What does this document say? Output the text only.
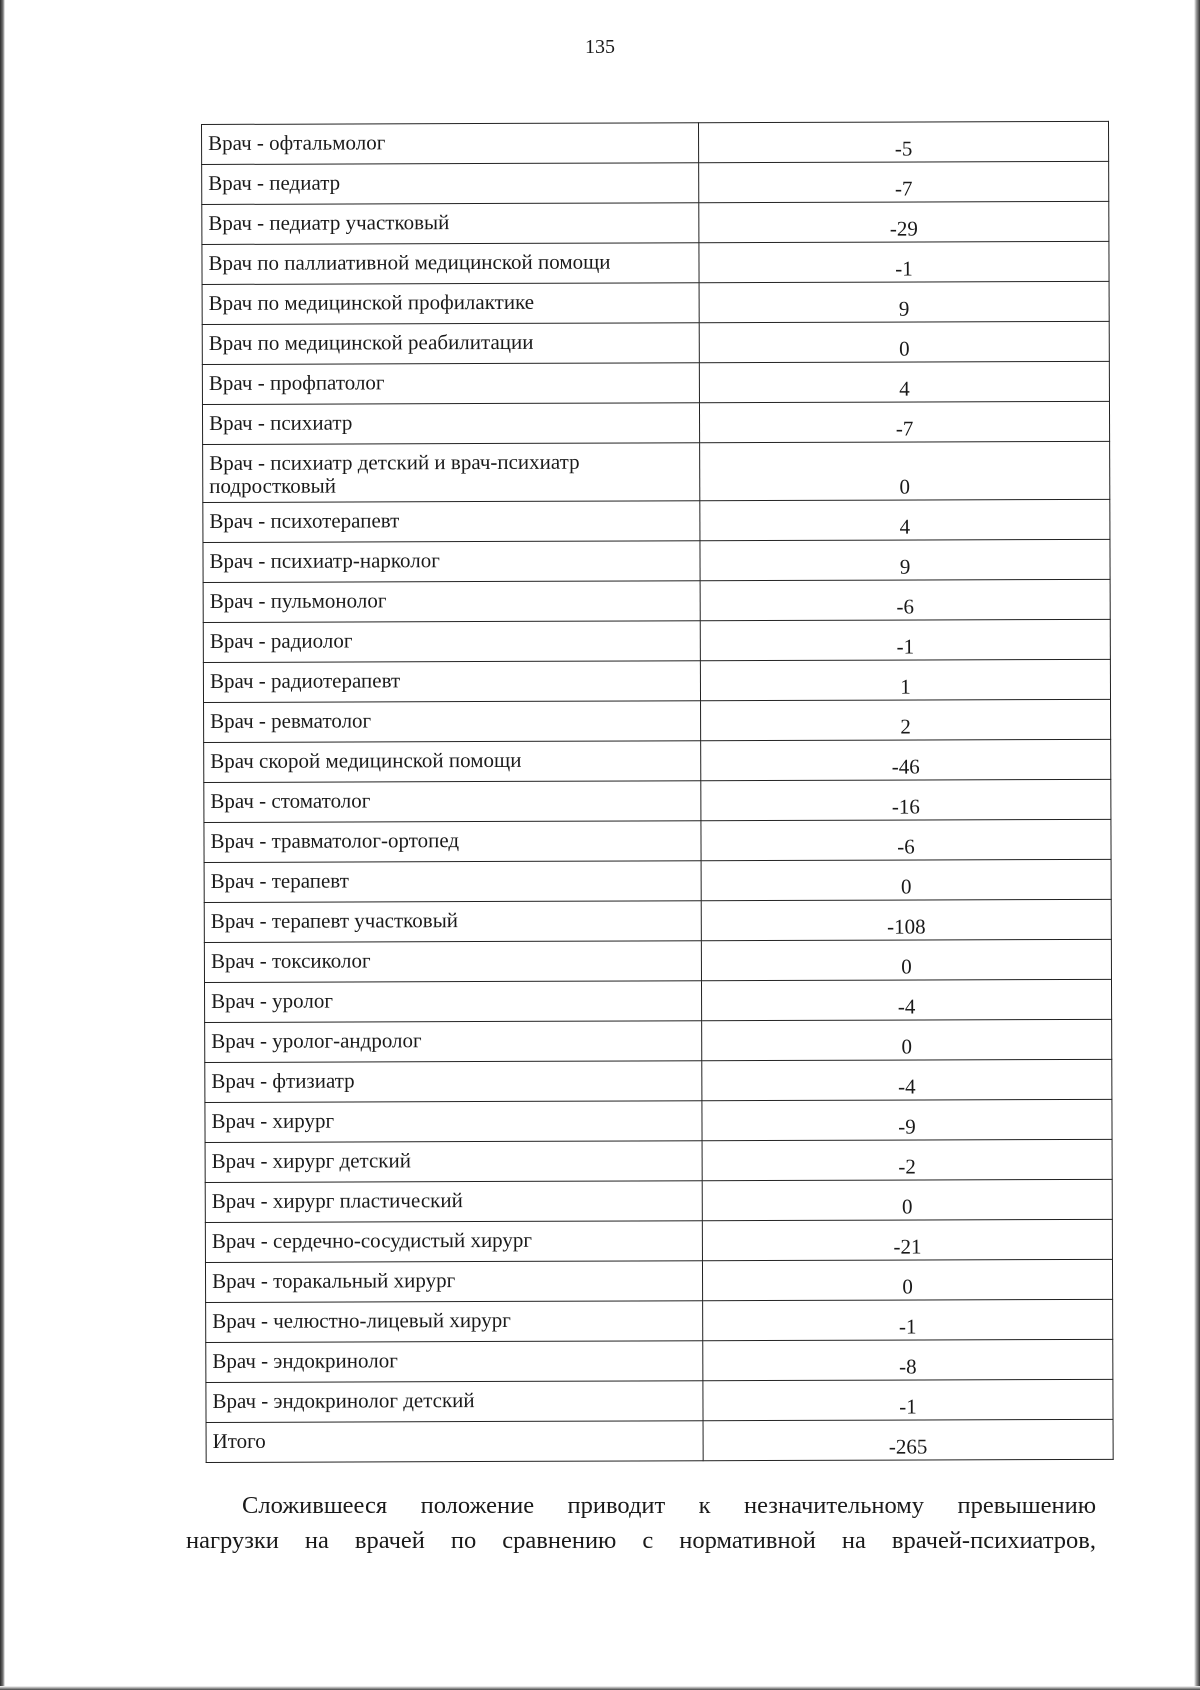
135
Врач - офтальмолог	-5
Врач - педиатр	-7
Врач - педиатр участковый	-29
Врач по паллиативной медицинской помощи	-1
Врач по медицинской профилактике	9
Врач по медицинской реабилитации	0
Врач - профпатолог	4
Врач - психиатр	-7
Врач - психиатр детский и врач-психиатр подростковый	0
Врач - психотерапевт	4
Врач - психиатр-нарколог	9
Врач - пульмонолог	-6
Врач - радиолог	-1
Врач - радиотерапевт	1
Врач - ревматолог	2
Врач скорой медицинской помощи	-46
Врач - стоматолог	-16
Врач - травматолог-ортопед	-6
Врач - терапевт	0
Врач - терапевт участковый	-108
Врач - токсиколог	0
Врач - уролог	-4
Врач - уролог-андролог	0
Врач - фтизиатр	-4
Врач - хирург	-9
Врач - хирург детский	-2
Врач - хирург пластический	0
Врач - сердечно-сосудистый хирург	-21
Врач - торакальный хирург	0
Врач - челюстно-лицевый хирург	-1
Врач - эндокринолог	-8
Врач - эндокринолог детский	-1
Итого	-265
Сложившееся положение приводит к незначительному превышению
нагрузки на врачей по сравнению с нормативной на врачей-психиатров,
